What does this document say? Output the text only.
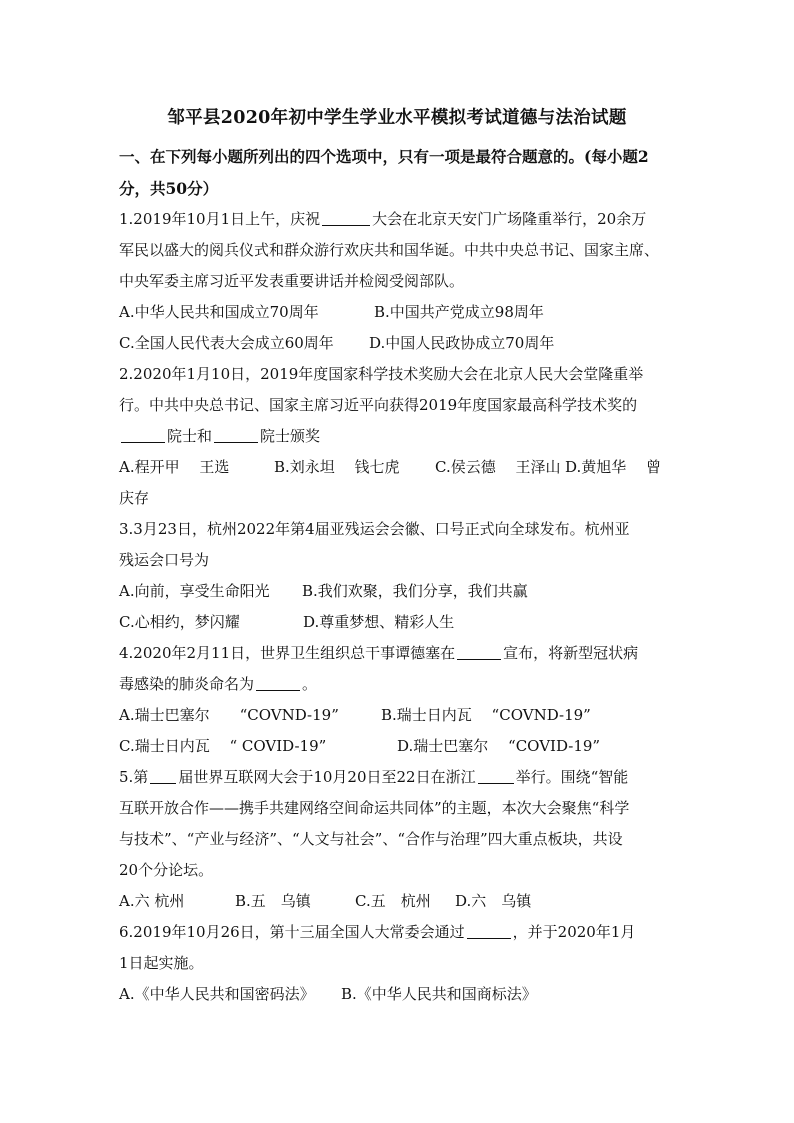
邹平县2020年初中学生学业水平模拟考试道德与法治试题
一、在下列每小题所列出的四个选项中，只有一项是最符合题意的。(每小题2
分，共50分）
1.2019年10月1日上午，庆祝	大会在北京天安门广场隆重举行，20余万
军民以盛大的阅兵仪式和群众游行欢庆共和国华诞。中共中央总书记、国家主席、
中央军委主席习近平发表重要讲话并检阅受阅部队。
A.中华人民共和国成立70周年	B.中国共产党成立98周年
C.全国人民代表大会成立60周年 D.中国人民政协成立70周年
2.2020年1月10日，2019年度国家科学技术奖励大会在北京人民大会堂隆重举
行。中共中央总书记、国家主席习近平向获得2019年度国家最高科学技术奖的
院士和	院士颁奖
A.程开甲　 王选	B.刘永坦　 钱七虎 C.侯云德　 王泽山 D.黄旭华　 曾
庆存
3.3月23日，杭州2022年第4届亚残运会会徽、口号正式向全球发布。杭州亚
残运会口号为
A.向前，享受生命阳光 B.我们欢聚，我们分享，我们共赢
C.心相约，梦闪耀	D.尊重梦想、精彩人生
4.2020年2月11日，世界卫生组织总干事谭德塞在	宣布，将新型冠状病
毒感染的肺炎命名为	。
A.瑞士巴塞尔　　“COVND-19”	B.瑞士日内瓦　 “COVND-19”
C.瑞士日内瓦　 “ COVID-19”	D.瑞士巴塞尔　 “COVID-19”
5.第 届世界互联网大会于10月20日至22日在浙江	举行。围绕“智能
互联开放合作——携手共建网络空间命运共同体”的主题，本次大会聚焦“科学
与技术”、“产业与经济”、“人文与社会”、“合作与治理”四大重点板块，共设
20个分论坛。
A.六 杭州	B.五　乌镇	C.五　杭州 D.六　乌镇
6.2019年10月26日，第十三届全国人大常委会通过	，并于2020年1月
1日起实施。
A.《中华人民共和国密码法》 B.《中华人民共和国商标法》
